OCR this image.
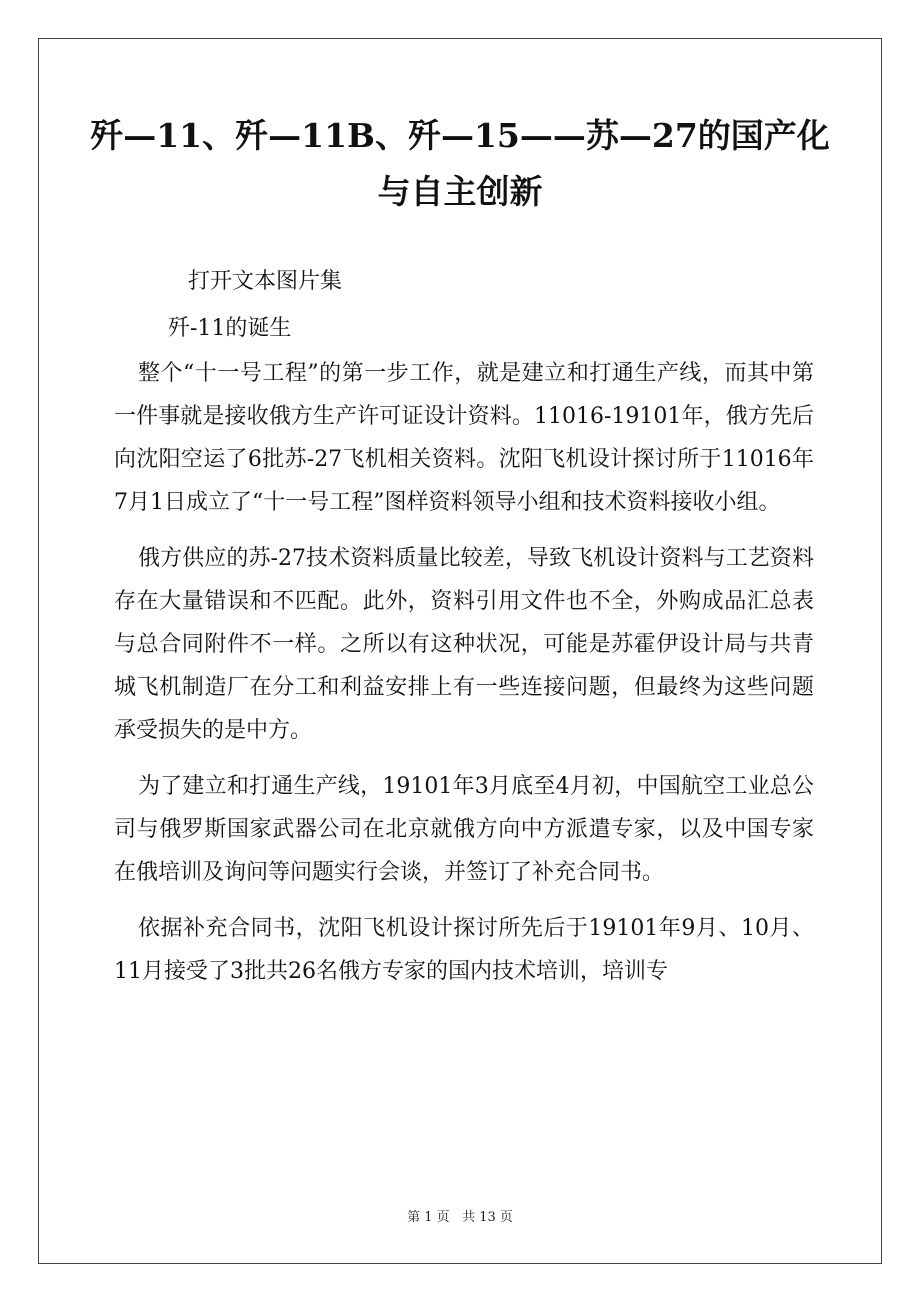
歼—11、歼—11B、歼—15——苏—27的国产化
与自主创新

打开文本图片集

歼-11的诞生

整个“十一号工程”的第一步工作，就是建立和打通生产线，而其中第一件事就是接收俄方生产许可证设计资料。11016-19101年，俄方先后向沈阳空运了6批苏-27飞机相关资料。沈阳飞机设计探讨所于11016年7月1日成立了“十一号工程”图样资料领导小组和技术资料接收小组。

俄方供应的苏-27技术资料质量比较差，导致飞机设计资料与工艺资料存在大量错误和不匹配。此外，资料引用文件也不全，外购成品汇总表与总合同附件不一样。之所以有这种状况，可能是苏霍伊设计局与共青城飞机制造厂在分工和利益安排上有一些连接问题，但最终为这些问题承受损失的是中方。

为了建立和打通生产线，19101年3月底至4月初，中国航空工业总公司与俄罗斯国家武器公司在北京就俄方向中方派遣专家，以及中国专家在俄培训及询问等问题实行会谈，并签订了补充合同书。

依据补充合同书，沈阳飞机设计探讨所先后于19101年9月、10月、11月接受了3批共26名俄方专家的国内技术培训，培训专

第 1 页 共 13 页
